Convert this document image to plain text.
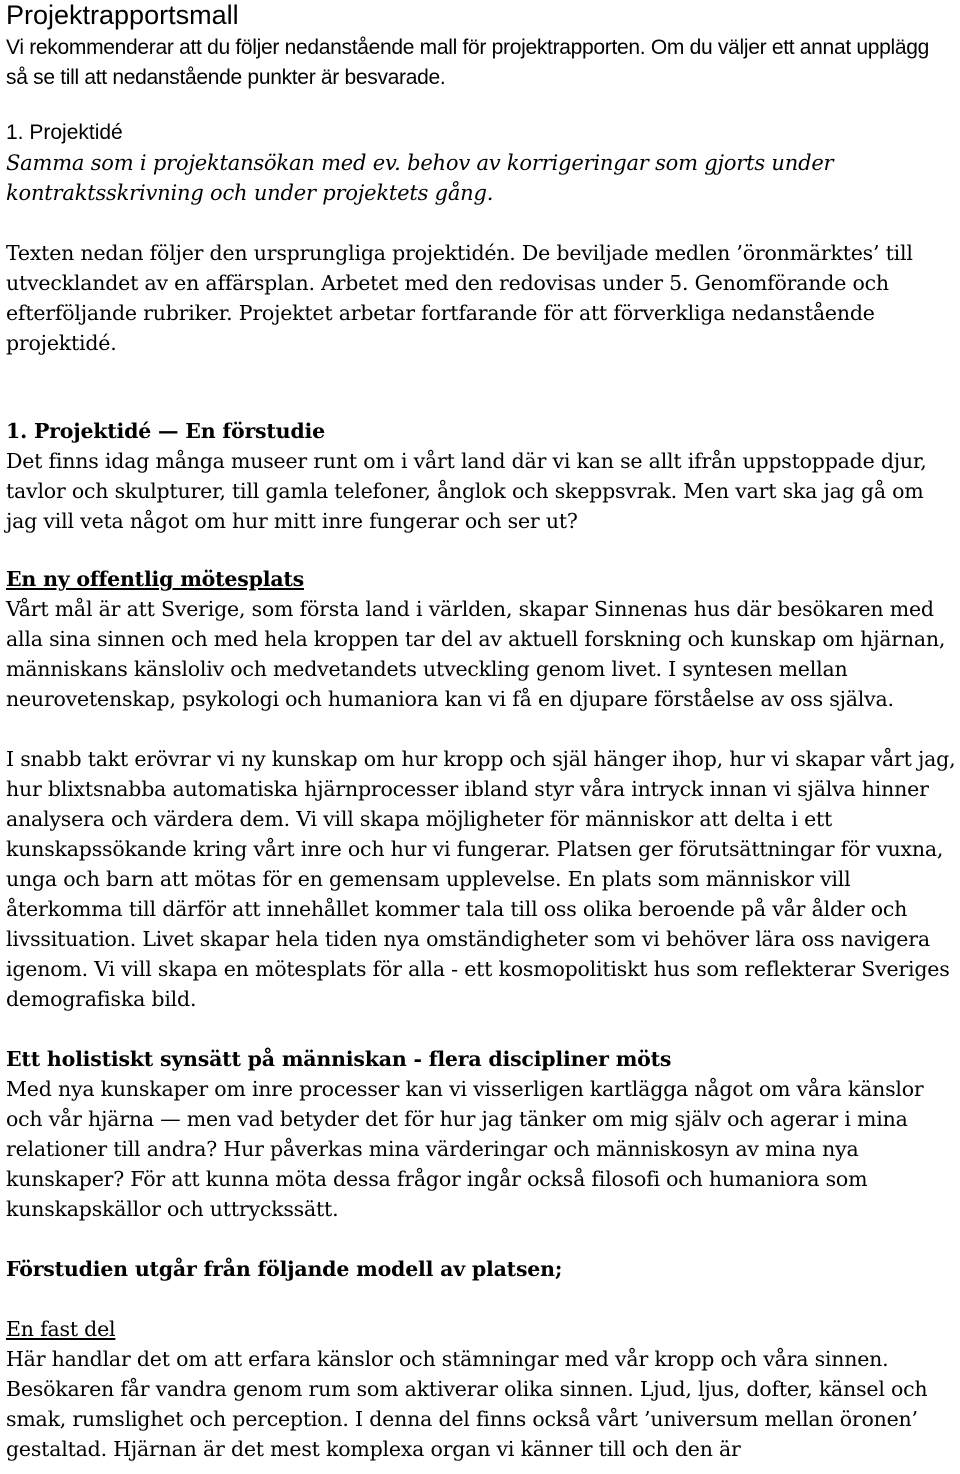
Projektrapportsmall

Vi rekommenderar att du följer nedanstående mall för projektrapporten. Om du väljer ett annat upplägg så se till att nedanstående punkter är besvarade.

1. Projektidé

Samma som i projektansökan med ev. behov av korrigeringar som gjorts under kontraktsskrivning och under projektets gång.

Texten nedan följer den ursprungliga projektidén. De beviljade medlen ’öronmärktes’ till utvecklandet av en affärsplan. Arbetet med den redovisas under 5. Genomförande och efterföljande rubriker. Projektet arbetar fortfarande för att förverkliga nedanstående projektidé.

1. Projektidé — En förstudie

Det finns idag många museer runt om i vårt land där vi kan se allt ifrån uppstoppade djur, tavlor och skulpturer, till gamla telefoner, ånglok och skeppsvrak. Men vart ska jag gå om jag vill veta något om hur mitt inre fungerar och ser ut?

En ny offentlig mötesplats

Vårt mål är att Sverige, som första land i världen, skapar Sinnenas hus där besökaren med alla sina sinnen och med hela kroppen tar del av aktuell forskning och kunskap om hjärnan, människans känsloliv och medvetandets utveckling genom livet. I syntesen mellan neurovetenskap, psykologi och humaniora kan vi få en djupare förståelse av oss själva.

I snabb takt erövrar vi ny kunskap om hur kropp och själ hänger ihop, hur vi skapar vårt jag, hur blixtsnabba automatiska hjärnprocesser ibland styr våra intryck innan vi själva hinner analysera och värdera dem. Vi vill skapa möjligheter för människor att delta i ett kunskapssökande kring vårt inre och hur vi fungerar. Platsen ger förutsättningar för vuxna, unga och barn att mötas för en gemensam upplevelse. En plats som människor vill återkomma till därför att innehållet kommer tala till oss olika beroende på vår ålder och livssituation. Livet skapar hela tiden nya omständigheter som vi behöver lära oss navigera igenom. Vi vill skapa en mötesplats för alla - ett kosmopolitiskt hus som reflekterar Sveriges demografiska bild.

Ett holistiskt synsätt på människan - flera discipliner möts

Med nya kunskaper om inre processer kan vi visserligen kartlägga något om våra känslor och vår hjärna — men vad betyder det för hur jag tänker om mig själv och agerar i mina relationer till andra? Hur påverkas mina värderingar och människosyn av mina nya kunskaper? För att kunna möta dessa frågor ingår också filosofi och humaniora som kunskapskällor och uttryckssätt.

Förstudien utgår från följande modell av platsen;

En fast del

Här handlar det om att erfara känslor och stämningar med vår kropp och våra sinnen. Besökaren får vandra genom rum som aktiverar olika sinnen. Ljud, ljus, dofter, känsel och smak, rumslighet och perception. I denna del finns också vårt ’universum mellan öronen’ gestaltad. Hjärnan är det mest komplexa organ vi känner till och den är
